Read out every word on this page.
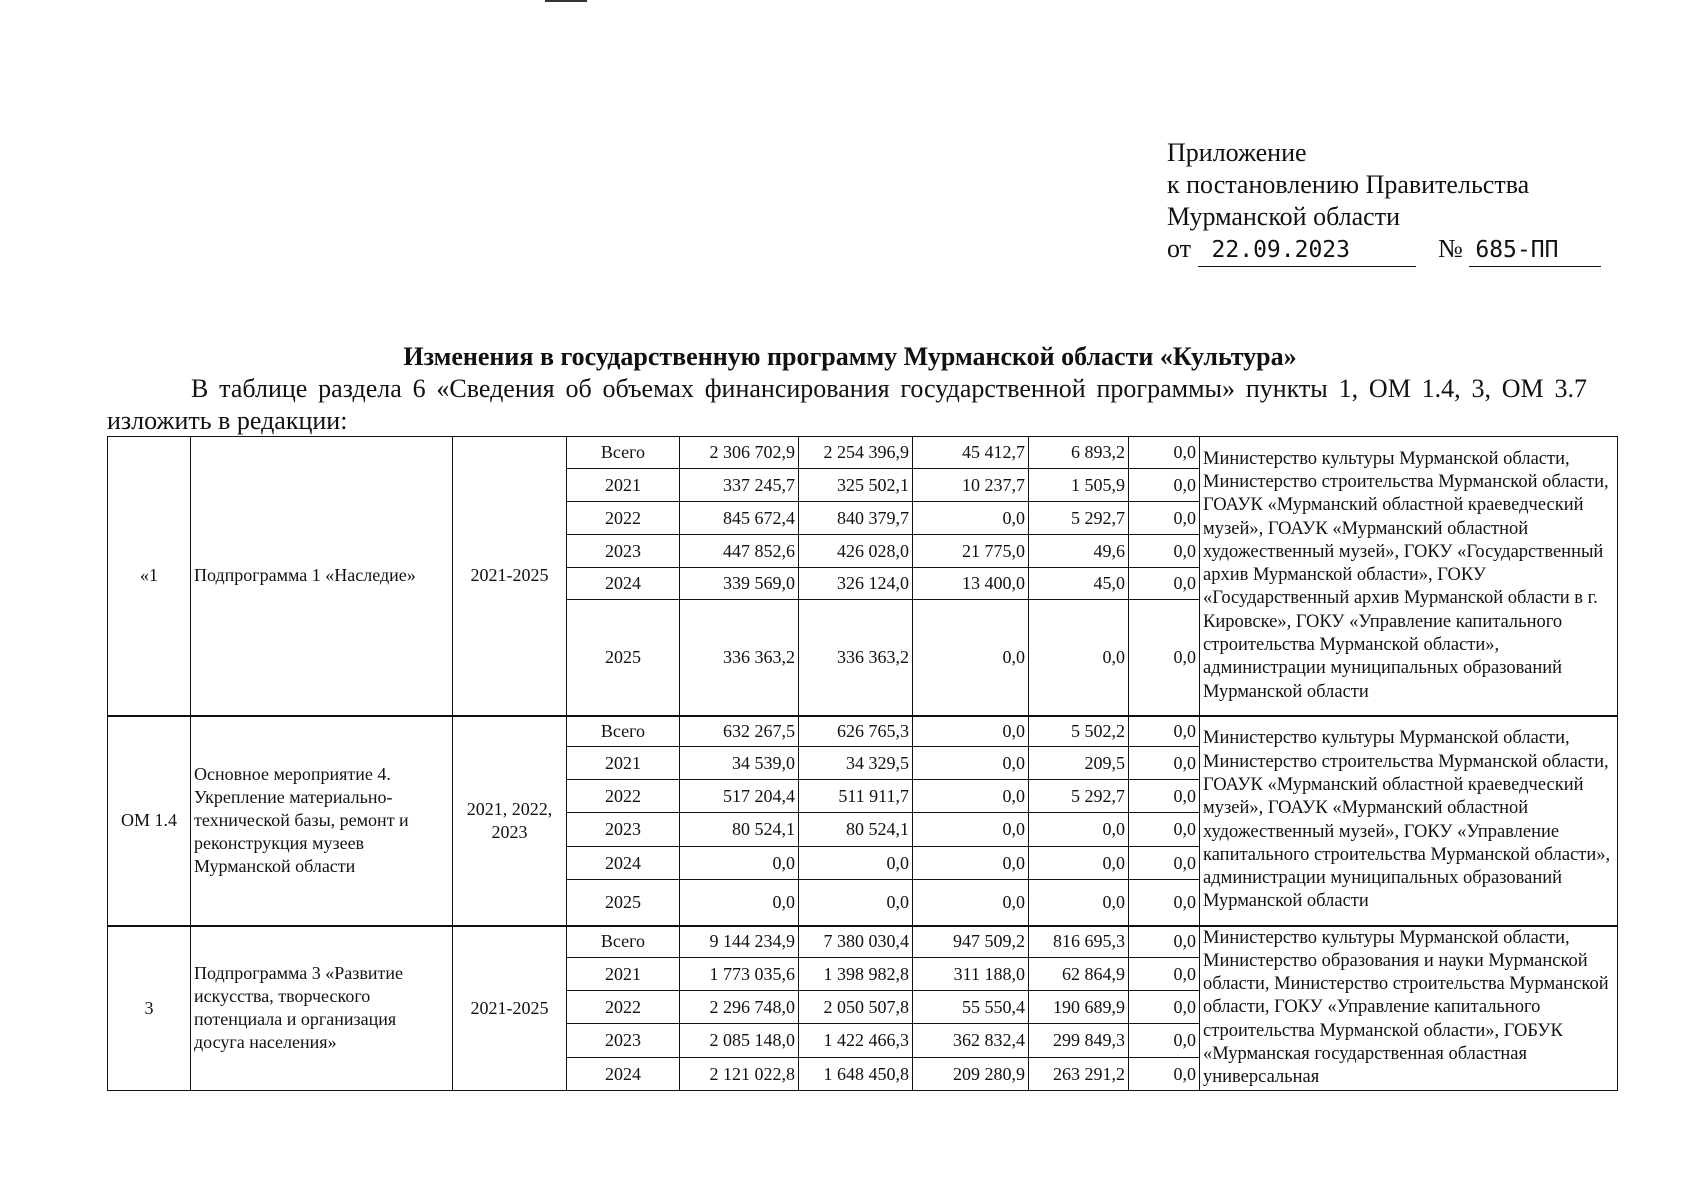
Приложение
к постановлению Правительства
Мурманской области
от 22.09.2023	№ 685-ПП
Изменения в государственную программу Мурманской области «Культура»
В таблице раздела 6 «Сведения об объемах финансирования государственной программы» пункты 1, ОМ 1.4, 3, ОМ 3.7 изложить в редакции:
«1	Подпрограмма 1 «Наследие»	2021-2025	Всего	2 306 702,9	2 254 396,9	45 412,7	6 893,2	0,0	Министерство культуры Мурманской области, Министерство строительства Мурманской области, ГОАУК «Мурманский областной краеведческий музей», ГОАУК «Мурманский областной художественный музей», ГОКУ «Государственный архив Мурманской области», ГОКУ «Государственный архив Мурманской области в г. Кировске», ГОКУ «Управление капитального строительства Мурманской области», администрации муниципальных образований Мурманской области
			2021	337 245,7	325 502,1	10 237,7	1 505,9	0,0	
			2022	845 672,4	840 379,7	0,0	5 292,7	0,0	
			2023	447 852,6	426 028,0	21 775,0	49,6	0,0	
			2024	339 569,0	326 124,0	13 400,0	45,0	0,0	
			2025	336 363,2	336 363,2	0,0	0,0	0,0	
ОМ 1.4	Основное мероприятие 4. Укрепление материально-технической базы, ремонт и реконструкция музеев Мурманской области	2021, 2022, 2023	Всего	632 267,5	626 765,3	0,0	5 502,2	0,0	Министерство культуры Мурманской области, Министерство строительства Мурманской области, ГОАУК «Мурманский областной краеведческий музей», ГОАУК «Мурманский областной художественный музей», ГОКУ «Управление капитального строительства Мурманской области», администрации муниципальных образований Мурманской области
			2021	34 539,0	34 329,5	0,0	209,5	0,0	
			2022	517 204,4	511 911,7	0,0	5 292,7	0,0	
			2023	80 524,1	80 524,1	0,0	0,0	0,0	
			2024	0,0	0,0	0,0	0,0	0,0	
			2025	0,0	0,0	0,0	0,0	0,0	
3	Подпрограмма 3 «Развитие искусства, творческого потенциала и организация досуга населения»	2021-2025	Всего	9 144 234,9	7 380 030,4	947 509,2	816 695,3	0,0	Министерство культуры Мурманской области, Министерство образования и науки Мурманской области, Министерство строительства Мурманской области, ГОКУ «Управление капитального строительства Мурманской области», ГОБУК «Мурманская государственная областная универсальная
			2021	1 773 035,6	1 398 982,8	311 188,0	62 864,9	0,0	
			2022	2 296 748,0	2 050 507,8	55 550,4	190 689,9	0,0	
			2023	2 085 148,0	1 422 466,3	362 832,4	299 849,3	0,0	
			2024	2 121 022,8	1 648 450,8	209 280,9	263 291,2	0,0	
